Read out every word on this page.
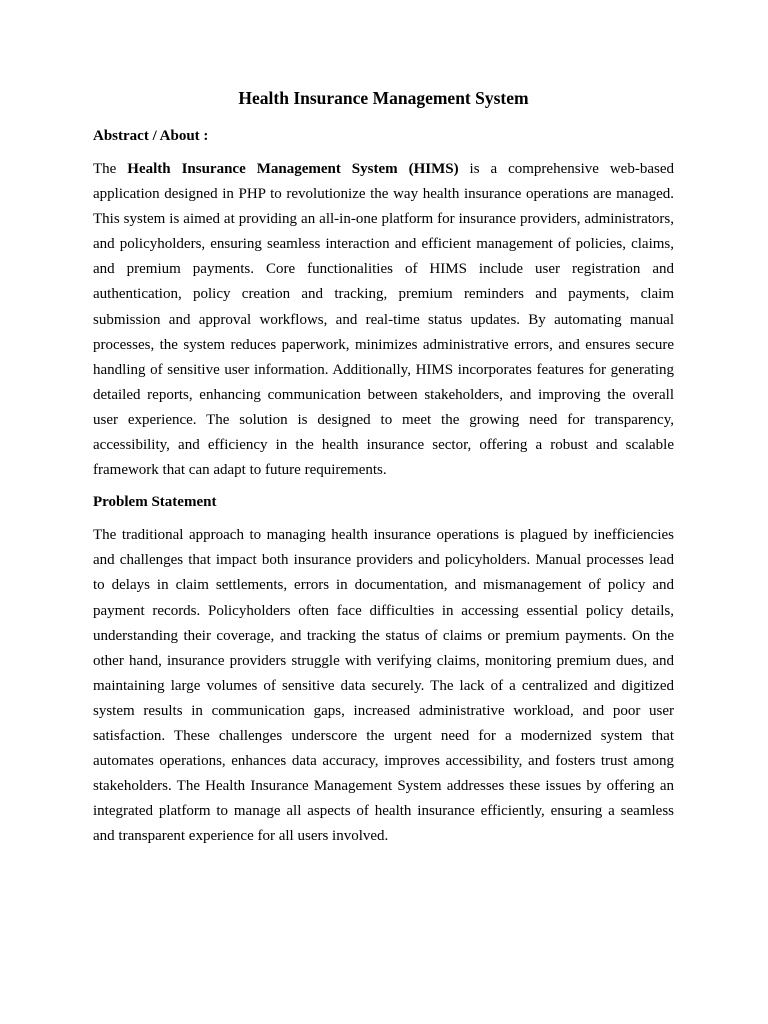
Health Insurance Management System
Abstract / About :

The Health Insurance Management System (HIMS) is a comprehensive web-based application designed in PHP to revolutionize the way health insurance operations are managed. This system is aimed at providing an all-in-one platform for insurance providers, administrators, and policyholders, ensuring seamless interaction and efficient management of policies, claims, and premium payments. Core functionalities of HIMS include user registration and authentication, policy creation and tracking, premium reminders and payments, claim submission and approval workflows, and real-time status updates. By automating manual processes, the system reduces paperwork, minimizes administrative errors, and ensures secure handling of sensitive user information. Additionally, HIMS incorporates features for generating detailed reports, enhancing communication between stakeholders, and improving the overall user experience. The solution is designed to meet the growing need for transparency, accessibility, and efficiency in the health insurance sector, offering a robust and scalable framework that can adapt to future requirements.

Problem Statement

The traditional approach to managing health insurance operations is plagued by inefficiencies and challenges that impact both insurance providers and policyholders. Manual processes lead to delays in claim settlements, errors in documentation, and mismanagement of policy and payment records. Policyholders often face difficulties in accessing essential policy details, understanding their coverage, and tracking the status of claims or premium payments. On the other hand, insurance providers struggle with verifying claims, monitoring premium dues, and maintaining large volumes of sensitive data securely. The lack of a centralized and digitized system results in communication gaps, increased administrative workload, and poor user satisfaction. These challenges underscore the urgent need for a modernized system that automates operations, enhances data accuracy, improves accessibility, and fosters trust among stakeholders. The Health Insurance Management System addresses these issues by offering an integrated platform to manage all aspects of health insurance efficiently, ensuring a seamless and transparent experience for all users involved.
